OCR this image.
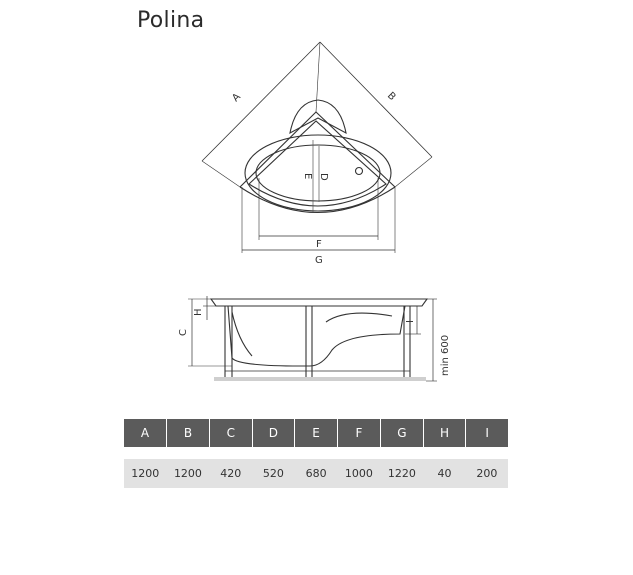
Polina
A	B
E D
F
G
C
H
I
min 600
A	B	C	D	E	F	G	H	I

1200	1200	420	520	680	1000	1220	40	200
